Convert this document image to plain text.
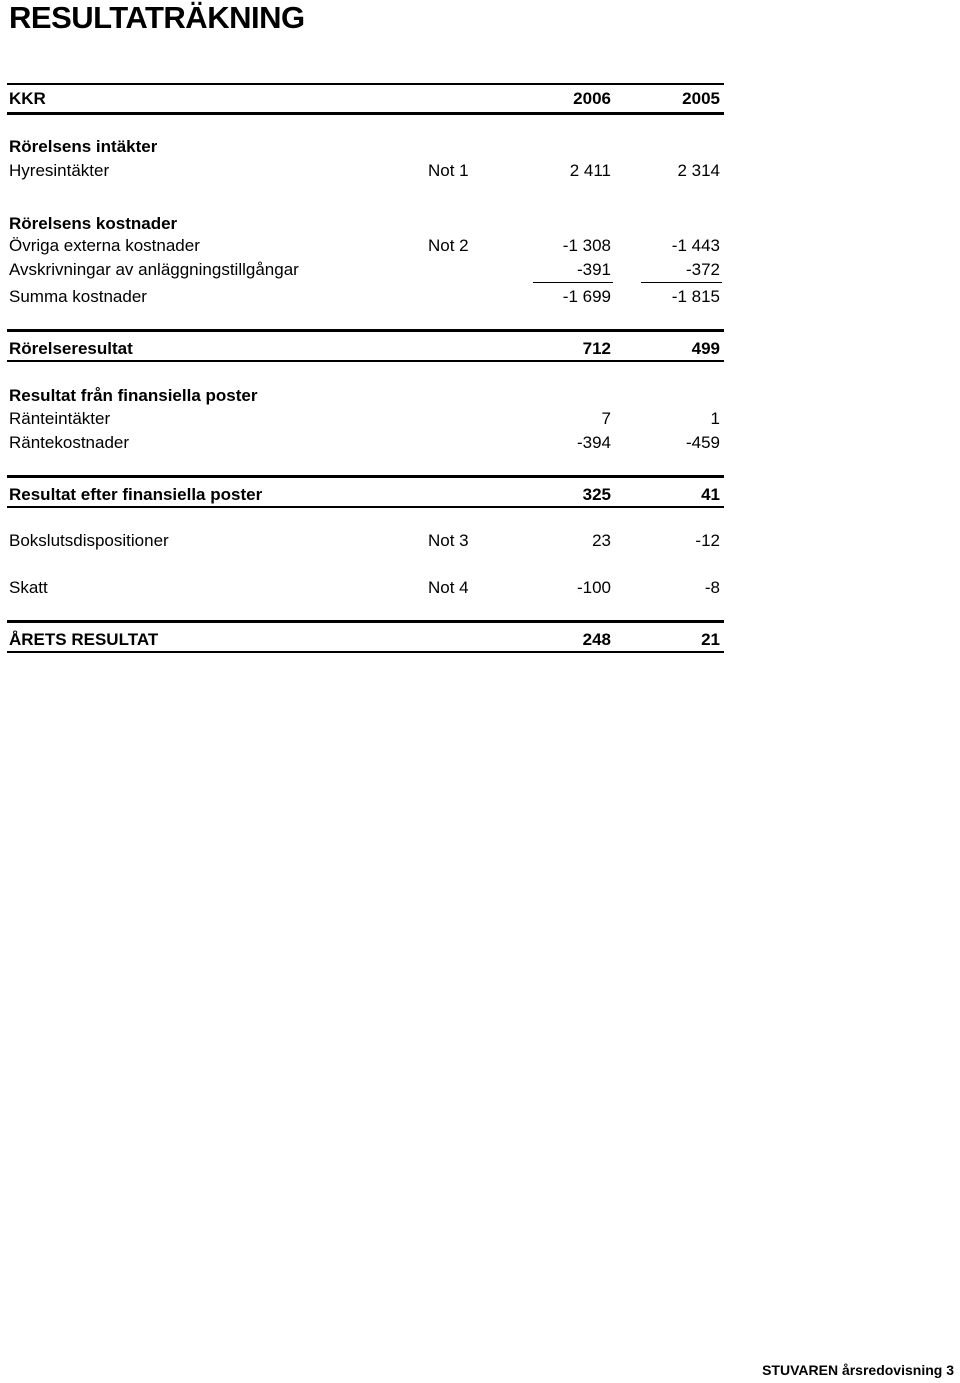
RESULTATRÄKNING
KKR	2006	2005
Rörelsens intäkter
Hyresintäkter	Not 1	2 411	2 314
Rörelsens kostnader
Övriga externa kostnader	Not 2	-1 308	-1 443
Avskrivningar av anläggningstillgångar	-391	-372
Summa kostnader	-1 699	-1 815
Rörelseresultat	712	499
Resultat från finansiella poster
Ränteintäkter	7	1
Räntekostnader	-394	-459
Resultat efter finansiella poster	325	41
Bokslutsdispositioner	Not 3	23	-12
Skatt	Not 4	-100	-8
ÅRETS RESULTAT	248	21
STUVAREN årsredovisning 3
